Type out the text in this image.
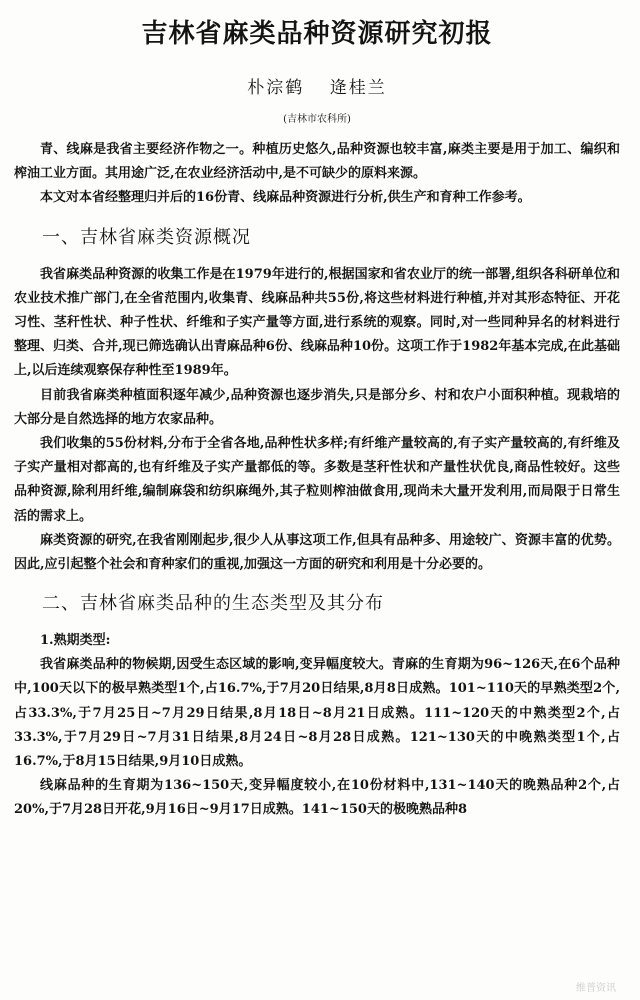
吉林省麻类品种资源研究初报
朴淙鹤 逄桂兰
(吉林市农科所)

青、线麻是我省主要经济作物之一。种植历史悠久,品种资源也较丰富,麻类主要是用于加工、编织和榨油工业方面。其用途广泛,在农业经济活动中,是不可缺少的原料来源。

本文对本省经整理归并后的16份青、线麻品种资源进行分析,供生产和育种工作参考。

一、吉林省麻类资源概况

我省麻类品种资源的收集工作是在1979年进行的,根据国家和省农业厅的统一部署,组织各科研单位和农业技术推广部门,在全省范围内,收集青、线麻品种共55份,将这些材料进行种植,并对其形态特征、开花习性、茎秆性状、种子性状、纤维和子实产量等方面,进行系统的观察。同时,对一些同种异名的材料进行整理、归类、合并,现已筛选确认出青麻品种6份、线麻品种10份。这项工作于1982年基本完成,在此基础上,以后连续观察保存种性至1989年。

目前我省麻类种植面积逐年减少,品种资源也逐步消失,只是部分乡、村和农户小面积种植。现栽培的大部分是自然选择的地方农家品种。

我们收集的55份材料,分布于全省各地,品种性状多样;有纤维产量较高的,有子实产量较高的,有纤维及子实产量相对都高的,也有纤维及子实产量都低的等。多数是茎秆性状和产量性状优良,商品性较好。这些品种资源,除利用纤维,编制麻袋和纺织麻绳外,其子粒则榨油做食用,现尚未大量开发利用,而局限于日常生活的需求上。

麻类资源的研究,在我省刚刚起步,很少人从事这项工作,但具有品种多、用途较广、资源丰富的优势。因此,应引起整个社会和育种家们的重视,加强这一方面的研究和利用是十分必要的。

二、吉林省麻类品种的生态类型及其分布
1.熟期类型:

我省麻类品种的物候期,因受生态区域的影响,变异幅度较大。青麻的生育期为96~126天,在6个品种中,100天以下的极早熟类型1个,占16.7%,于7月20日结果,8月8日成熟。101~110天的早熟类型2个,占33.3%,于7月25日~7月29日结果,8月18日~8月21日成熟。111~120天的中熟类型2个,占33.3%,于7月29日~7月31日结果,8月24日~8月28日成熟。121~130天的中晚熟类型1个,占16.7%,于8月15日结果,9月10日成熟。

线麻品种的生育期为136~150天,变异幅度较小,在10份材料中,131~140天的晚熟品种2个,占20%,于7月28日开花,9月16日~9月17日成熟。141~150天的极晚熟品种8

维普资讯
